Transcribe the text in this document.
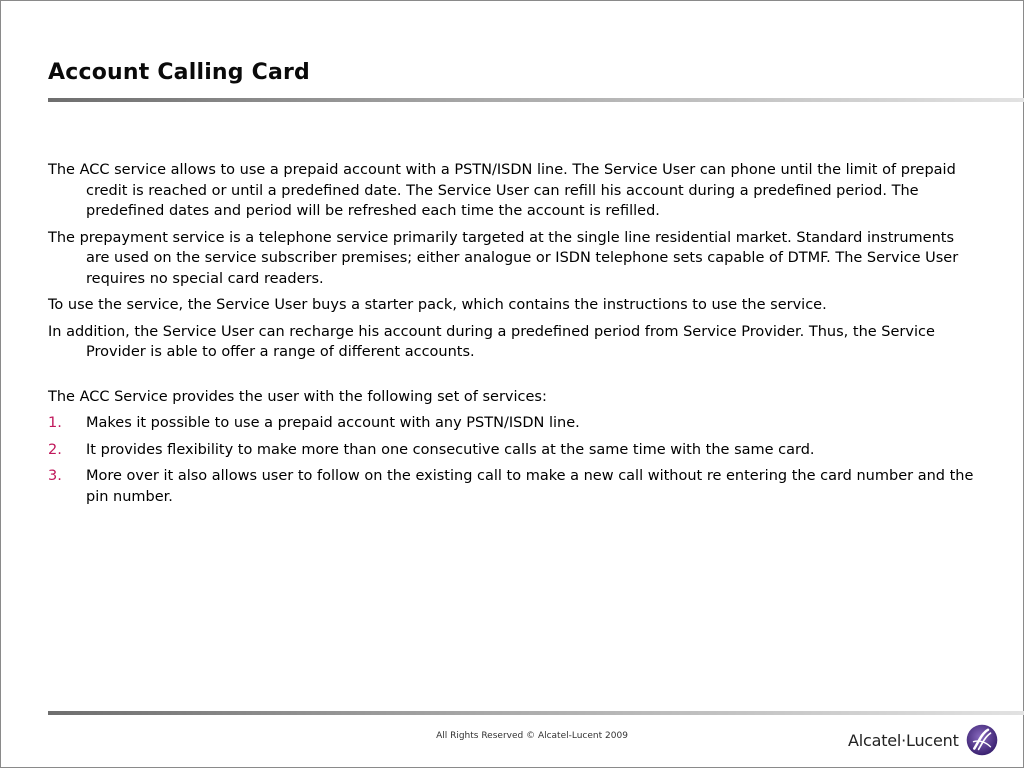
Account Calling Card

The ACC service allows to use a prepaid account with a PSTN/ISDN line. The Service User can phone until the limit of prepaid credit is reached or until a predefined date. The Service User can refill his account during a predefined period. The predefined dates and period will be refreshed each time the account is refilled.

The prepayment service is a telephone service primarily targeted at the single line residential market. Standard instruments are used on the service subscriber premises; either analogue or ISDN telephone sets capable of DTMF. The Service User requires no special card readers.

To use the service, the Service User buys a starter pack, which contains the instructions to use the service.

In addition, the Service User can recharge his account during a predefined period from Service Provider. Thus, the Service Provider is able to offer a range of different accounts.

The ACC Service provides the user with the following set of services:

1. Makes it possible to use a prepaid account with any PSTN/ISDN line.
2. It provides flexibility to make more than one consecutive calls at the same time with the same card.
3. More over it also allows user to follow on the existing call to make a new call without re entering the card number and the pin number.
All Rights Reserved © Alcatel-Lucent 2009	Alcatel·Lucent
